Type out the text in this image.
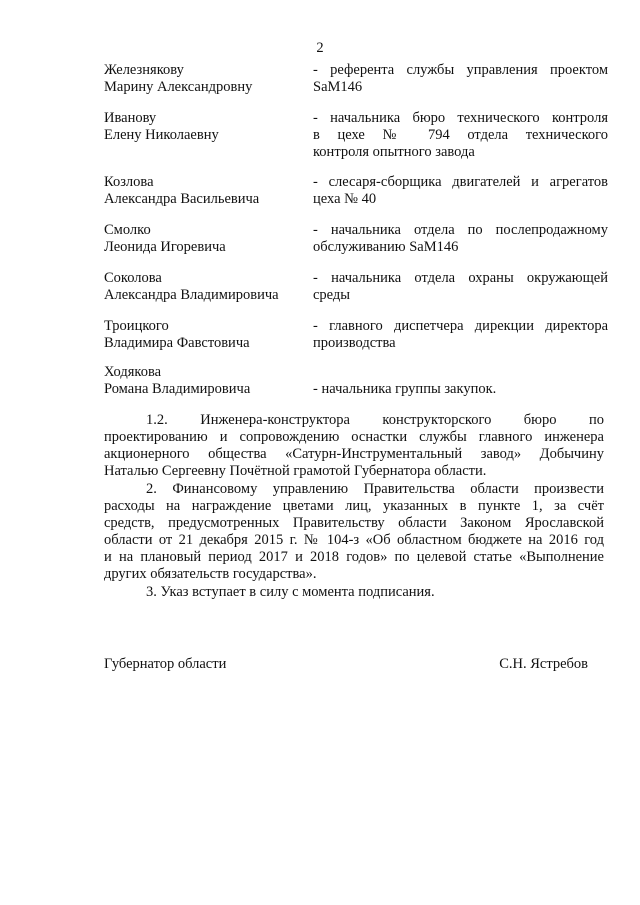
2
Железнякову
Марину Александровну
- референта службы управления проектом
SaM146
Иванову
Елену Николаевну
- начальника бюро технического контроля
в цехе № 794 отдела технического
контроля опытного завода
Козлова
Александра Васильевича
- слесаря-сборщика двигателей и агрегатов
цеха № 40
Смолко
Леонида Игоревича
- начальника отдела по послепродажному
обслуживанию SaM146
Соколова
Александра Владимировича
- начальника отдела охраны окружающей
среды
Троицкого
Владимира Фавстовича
- главного диспетчера дирекции директора
производства
Ходякова
Романа Владимировича	- начальника группы закупок.
1.2. Инженера-конструктора конструкторского бюро по
проектированию и сопровождению оснастки службы главного инженера
акционерного общества «Сатурн-Инструментальный завод» Добычину
Наталью Сергеевну Почётной грамотой Губернатора области.
2. Финансовому управлению Правительства области произвести
расходы на награждение цветами лиц, указанных в пункте 1, за счёт
средств, предусмотренных Правительству области Законом Ярославской
области от 21 декабря 2015 г. № 104-з «Об областном бюджете на 2016 год
и на плановый период 2017 и 2018 годов» по целевой статье «Выполнение
других обязательств государства».
3. Указ вступает в силу с момента подписания.
Губернатор области	С.Н. Ястребов
